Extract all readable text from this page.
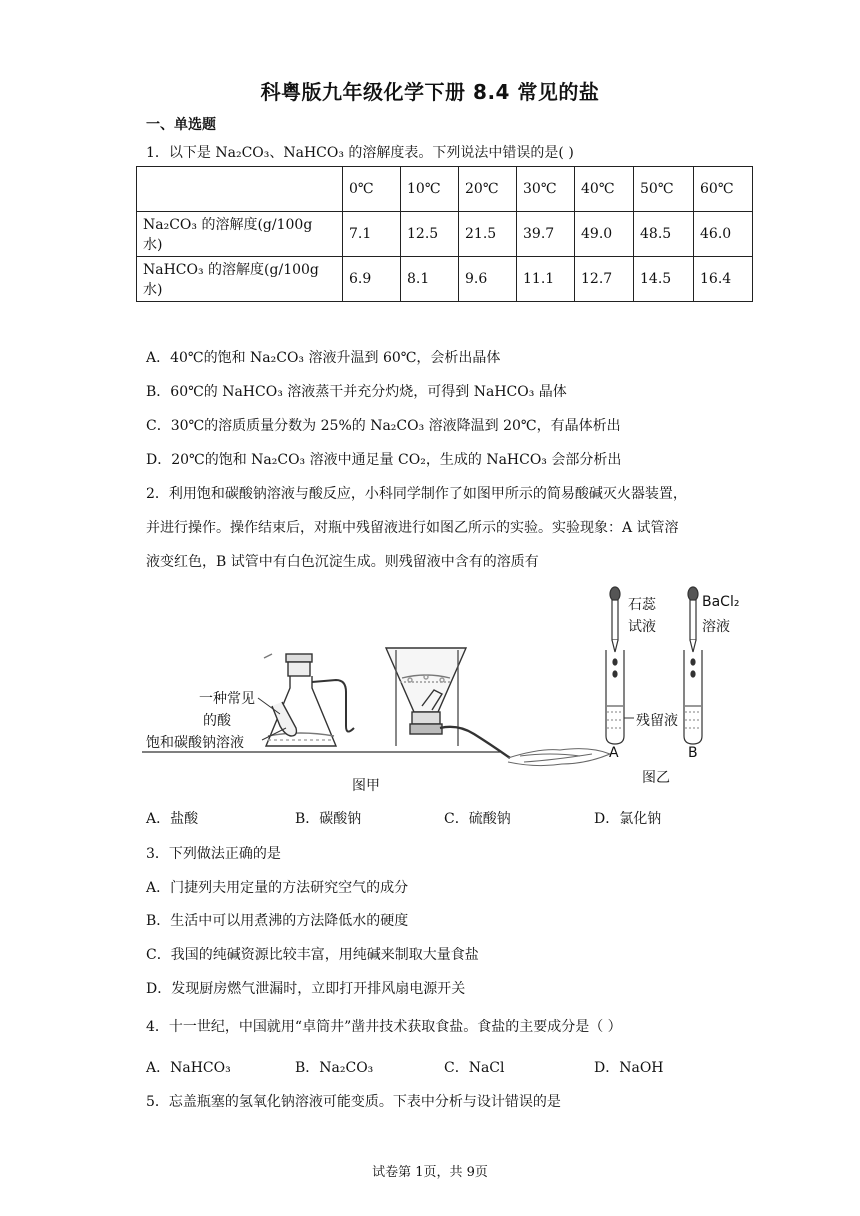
科粤版九年级化学下册 8.4 常见的盐
一、单选题
1．以下是 Na₂CO₃、NaHCO₃ 的溶解度表。下列说法中错误的是( )
	0℃	10℃	20℃	30℃	40℃	50℃	60℃
Na₂CO₃ 的溶解度(g/100g 水)	7.1	12.5	21.5	39.7	49.0	48.5	46.0
NaHCO₃ 的溶解度(g/100g 水)	6.9	8.1	9.6	11.1	12.7	14.5	16.4
A．40℃的饱和 Na₂CO₃ 溶液升温到 60℃，会析出晶体
B．60℃的 NaHCO₃ 溶液蒸干并充分灼烧，可得到 NaHCO₃ 晶体
C．30℃的溶质质量分数为 25%的 Na₂CO₃ 溶液降温到 20℃，有晶体析出
D．20℃的饱和 Na₂CO₃ 溶液中通足量 CO₂，生成的 NaHCO₃ 会部分析出
2．利用饱和碳酸钠溶液与酸反应，小科同学制作了如图甲所示的简易酸碱灭火器装置，
并进行操作。操作结束后，对瓶中残留液进行如图乙所示的实验。实验现象：A 试管溶
液变红色，B 试管中有白色沉淀生成。则残留液中含有的溶质有
一种常见
的酸
饱和碳酸钠溶液
图甲
石蕊
试液
BaCl₂
溶液
残留液
A	B
图乙
A．盐酸	B．碳酸钠	C．硫酸钠	D．氯化钠
3．下列做法正确的是
A．门捷列夫用定量的方法研究空气的成分
B．生活中可以用煮沸的方法降低水的硬度
C．我国的纯碱资源比较丰富，用纯碱来制取大量食盐
D．发现厨房燃气泄漏时，立即打开排风扇电源开关
4．十一世纪，中国就用“卓筒井”凿井技术获取食盐。食盐的主要成分是（ ）
A．NaHCO₃	B．Na₂CO₃	C．NaCl	D．NaOH
5．忘盖瓶塞的氢氧化钠溶液可能变质。下表中分析与设计错误的是
试卷第 1页，共 9页
